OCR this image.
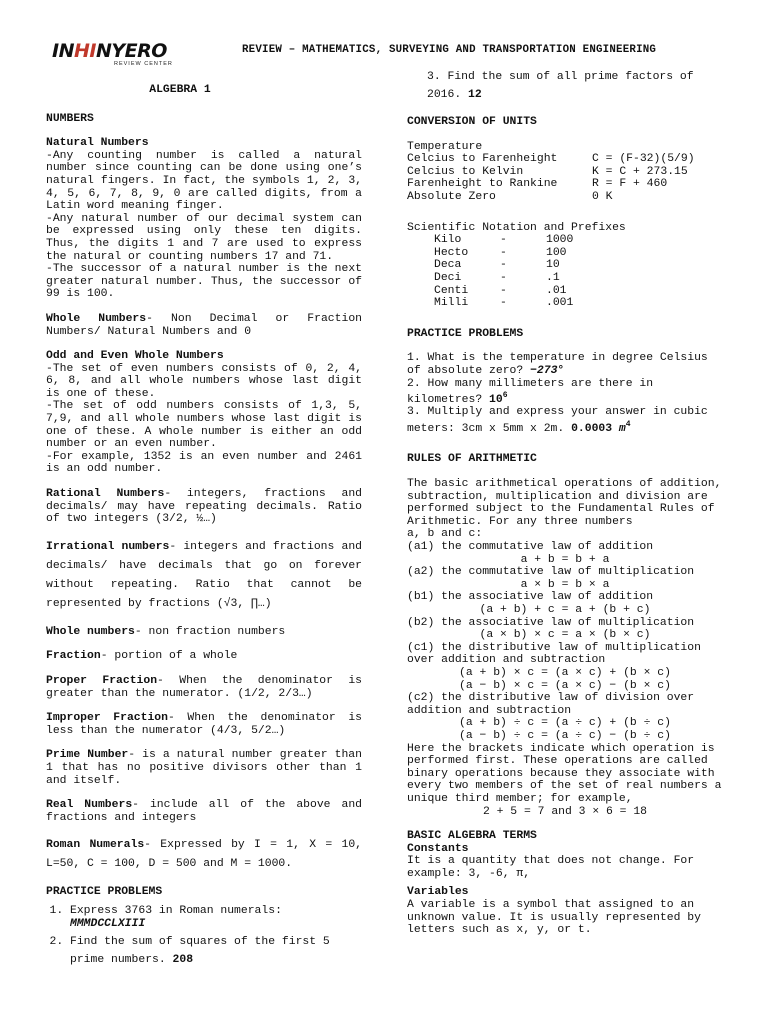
INHINYERO
REVIEW CENTER
REVIEW – MATHEMATICS, SURVEYING AND TRANSPORTATION ENGINEERING

ALGEBRA 1

NUMBERS

Natural Numbers

-Any counting number is called a natural number since counting can be done using one’s natural fingers. In fact, the symbols 1, 2, 3, 4, 5, 6, 7, 8, 9, 0 are called digits, from a Latin word meaning finger.

-Any natural number of our decimal system can be expressed using only these ten digits. Thus, the digits 1 and 7 are used to express the natural or counting numbers 17 and 71.

-The successor of a natural number is the next greater natural number. Thus, the successor of 99 is 100.

Whole Numbers- Non Decimal or Fraction Numbers/ Natural Numbers and 0

Odd and Even Whole Numbers

-The set of even numbers consists of 0, 2, 4, 6, 8, and all whole numbers whose last digit is one of these.

-The set of odd numbers consists of 1,3, 5, 7,9, and all whole numbers whose last digit is one of these. A whole number is either an odd number or an even number.

-For example, 1352 is an even number and 2461 is an odd number.

Rational Numbers- integers, fractions and decimals/ may have repeating decimals. Ratio of two integers (3/2, ½…)

Irrational numbers- integers and fractions and decimals/ have decimals that go on forever without repeating. Ratio that cannot be represented by fractions (√3, ∏…)

Whole numbers- non fraction numbers

Fraction- portion of a whole

Proper Fraction- When the denominator is greater than the numerator. (1/2, 2/3…)

Improper Fraction- When the denominator is less than the numerator (4/3, 5/2…)

Prime Number- is a natural number greater than 1 that has no positive divisors other than 1 and itself.

Real Numbers- include all of the above and fractions and integers

Roman Numerals- Expressed by I = 1, X = 10, L=50, C = 100, D = 500 and M = 1000.

PRACTICE PROBLEMS

1. Express 3763 in Roman numerals:
MMMDCCLXIII
2. Find the sum of squares of the first 5 prime numbers. 208

3. Find the sum of all prime factors of 2016. 12

CONVERSION OF UNITS

Temperature	
Celcius to Farenheight	C = (F-32)(5/9)
Celcius to Kelvin	K = C + 273.15
Farenheight to Rankine	R = F + 460
Absolute Zero	0 K

Scientific Notation and Prefixes

Kilo	-	1000
Hecto	-	100
Deca	-	10
Deci	-	.1
Centi	-	.01
Milli	-	.001

PRACTICE PROBLEMS

1. What is the temperature in degree Celsius of absolute zero? −273°

2. How many millimeters are there in kilometres? $10^6$

3. Multiply and express your answer in cubic meters: 3cm x 5mm x 2m. 0.0003 $m^4$

RULES OF ARITHMETIC

The basic arithmetical operations of addition, subtraction, multiplication and division are performed subject to the Fundamental Rules of Arithmetic. For any three numbers

a, b and c:

(a1) the commutative law of addition

a + b = b + a

(a2) the commutative law of multiplication

a × b = b × a

(b1) the associative law of addition

(a + b) + c = a + (b + c)

(b2) the associative law of multiplication

(a × b) × c = a × (b × c)

(c1) the distributive law of multiplication over addition and subtraction

(a + b) × c = (a × c) + (b × c)

(a − b) × c = (a × c) − (b × c)

(c2) the distributive law of division over addition and subtraction

(a + b) ÷ c = (a ÷ c) + (b ÷ c)

(a − b) ÷ c = (a ÷ c) − (b ÷ c)

Here the brackets indicate which operation is performed first. These operations are called binary operations because they associate with every two members of the set of real numbers a unique third member; for example,

2 + 5 = 7 and 3 × 6 = 18

BASIC ALGEBRA TERMS

Constants

It is a quantity that does not change. For example: 3, -6, π,

Variables

A variable is a symbol that assigned to an unknown value. It is usually represented by letters such as x, y, or t.
